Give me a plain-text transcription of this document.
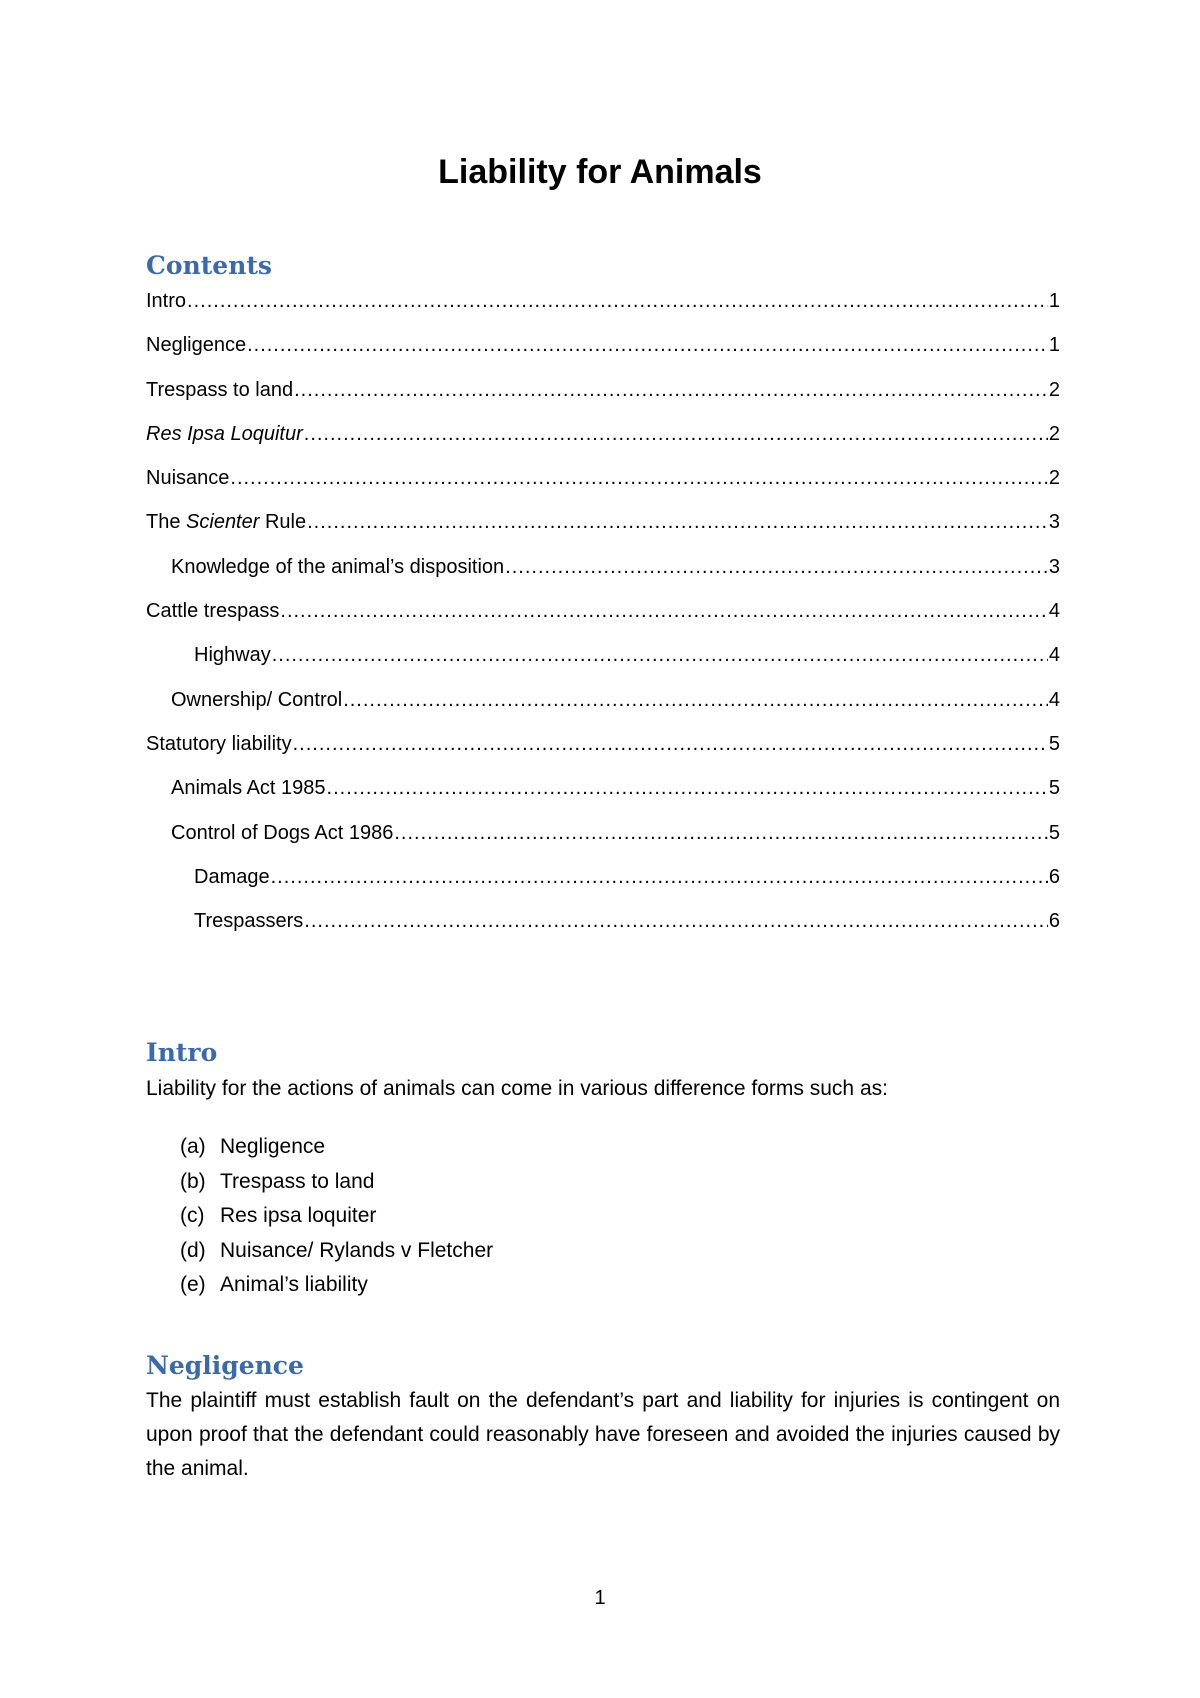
Liability for Animals
Contents
Intro .....	1
Negligence .....	1
Trespass to land .....	2
Res Ipsa Loquitur .....	2
Nuisance .....	2
The Scienter Rule .....	3
Knowledge of the animal’s disposition .....	3
Cattle trespass .....	4
Highway .....	4
Ownership/ Control .....	4
Statutory liability .....	5
Animals Act 1985 .....	5
Control of Dogs Act 1986 .....	5
Damage .....	6
Trespassers .....	6
Intro

Liability for the actions of animals can come in various difference forms such as:

(a) Negligence
(b) Trespass to land
(c) Res ipsa loquiter
(d) Nuisance/ Rylands v Fletcher
(e) Animal’s liability
Negligence

The plaintiff must establish fault on the defendant’s part and liability for injuries is contingent on upon proof that the defendant could reasonably have foreseen and avoided the injuries caused by the animal.

1
